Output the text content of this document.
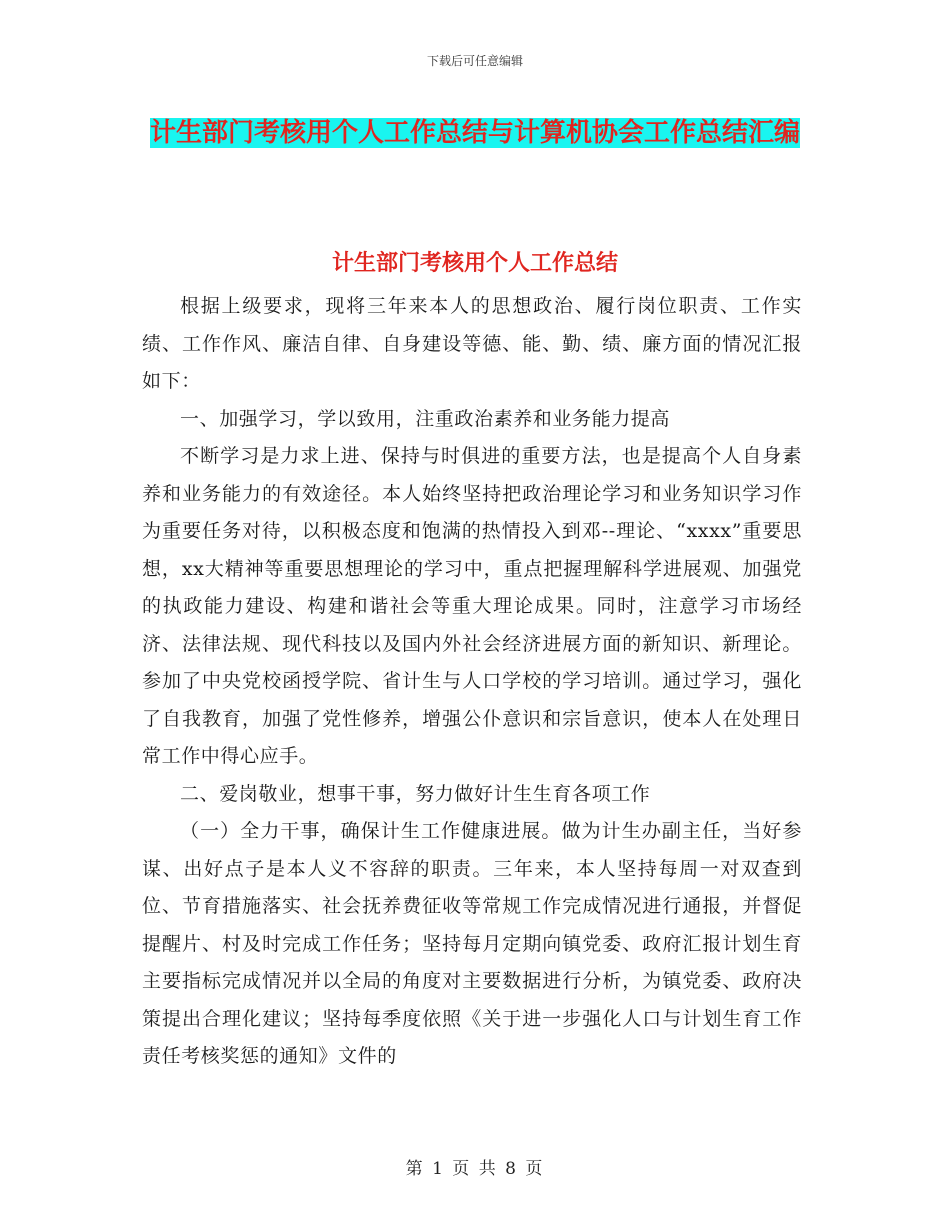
下载后可任意编辑
计生部门考核用个人工作总结与计算机协会工作总结汇编
计生部门考核用个人工作总结

根据上级要求，现将三年来本人的思想政治、履行岗位职责、工作实绩、工作作风、廉洁自律、自身建设等德、能、勤、绩、廉方面的情况汇报如下：

一、加强学习，学以致用，注重政治素养和业务能力提高

不断学习是力求上进、保持与时俱进的重要方法，也是提高个人自身素养和业务能力的有效途径。本人始终坚持把政治理论学习和业务知识学习作为重要任务对待，以积极态度和饱满的热情投入到邓--理论、“xxxx”重要思想，xx大精神等重要思想理论的学习中，重点把握理解科学进展观、加强党的执政能力建设、构建和谐社会等重大理论成果。同时，注意学习市场经济、法律法规、现代科技以及国内外社会经济进展方面的新知识、新理论。参加了中央党校函授学院、省计生与人口学校的学习培训。通过学习，强化了自我教育，加强了党性修养，增强公仆意识和宗旨意识，使本人在处理日常工作中得心应手。

二、爱岗敬业，想事干事，努力做好计生生育各项工作

（一）全力干事，确保计生工作健康进展。做为计生办副主任，当好参谋、出好点子是本人义不容辞的职责。三年来，本人坚持每周一对双查到位、节育措施落实、社会抚养费征收等常规工作完成情况进行通报，并督促提醒片、村及时完成工作任务；坚持每月定期向镇党委、政府汇报计划生育主要指标完成情况并以全局的角度对主要数据进行分析，为镇党委、政府决策提出合理化建议；坚持每季度依照《关于进一步强化人口与计划生育工作责任考核奖惩的通知》文件的

第 1 页 共 8 页
